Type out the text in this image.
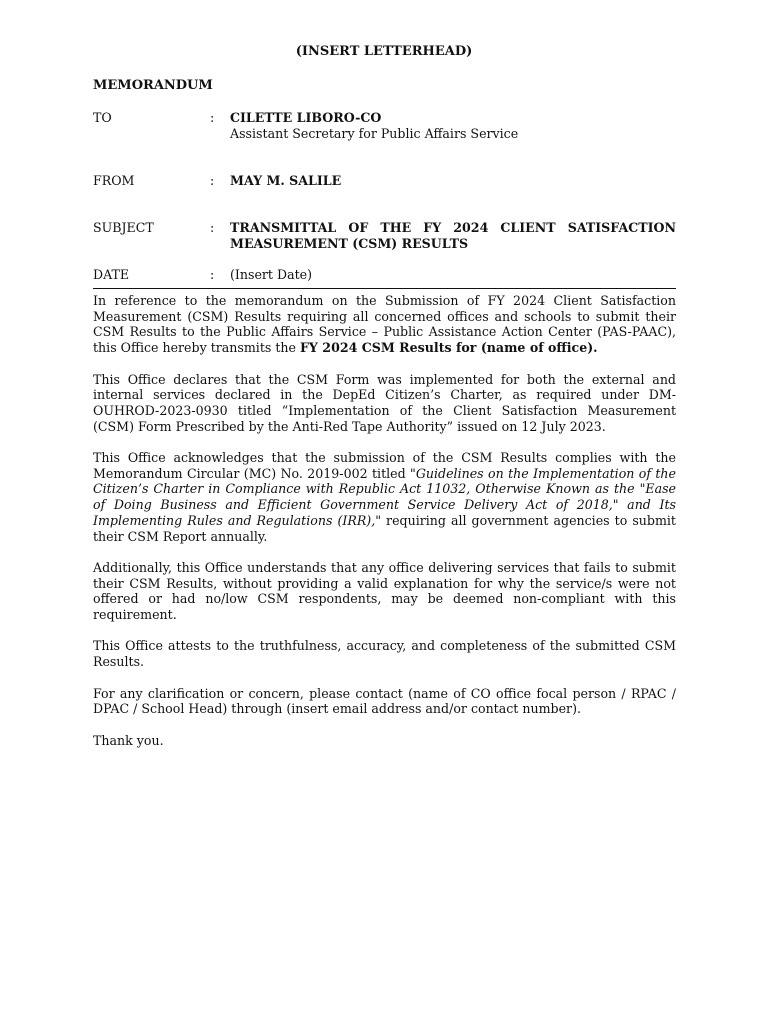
(INSERT LETTERHEAD)
MEMORANDUM
TO	: CILETTE LIBORO-CO
Assistant Secretary for Public Affairs Service
FROM	: MAY M. SALILE
SUBJECT	: TRANSMITTAL OF THE FY 2024 CLIENT SATISFACTION MEASUREMENT (CSM) RESULTS
DATE	: (Insert Date)

In reference to the memorandum on the Submission of FY 2024 Client Satisfaction Measurement (CSM) Results requiring all concerned offices and schools to submit their CSM Results to the Public Affairs Service – Public Assistance Action Center (PAS-PAAC), this Office hereby transmits the FY 2024 CSM Results for (name of office).

This Office declares that the CSM Form was implemented for both the external and internal services declared in the DepEd Citizen’s Charter, as required under DM-OUHROD-2023-0930 titled “Implementation of the Client Satisfaction Measurement (CSM) Form Prescribed by the Anti-Red Tape Authority” issued on 12 July 2023.

This Office acknowledges that the submission of the CSM Results complies with the Memorandum Circular (MC) No. 2019-002 titled "Guidelines on the Implementation of the Citizen’s Charter in Compliance with Republic Act 11032, Otherwise Known as the "Ease of Doing Business and Efficient Government Service Delivery Act of 2018," and Its Implementing Rules and Regulations (IRR)," requiring all government agencies to submit their CSM Report annually.

Additionally, this Office understands that any office delivering services that fails to submit their CSM Results, without providing a valid explanation for why the service/s were not offered or had no/low CSM respondents, may be deemed non-compliant with this requirement.

This Office attests to the truthfulness, accuracy, and completeness of the submitted CSM Results.

For any clarification or concern, please contact (name of CO office focal person / RPAC / DPAC / School Head) through (insert email address and/or contact number).

Thank you.
